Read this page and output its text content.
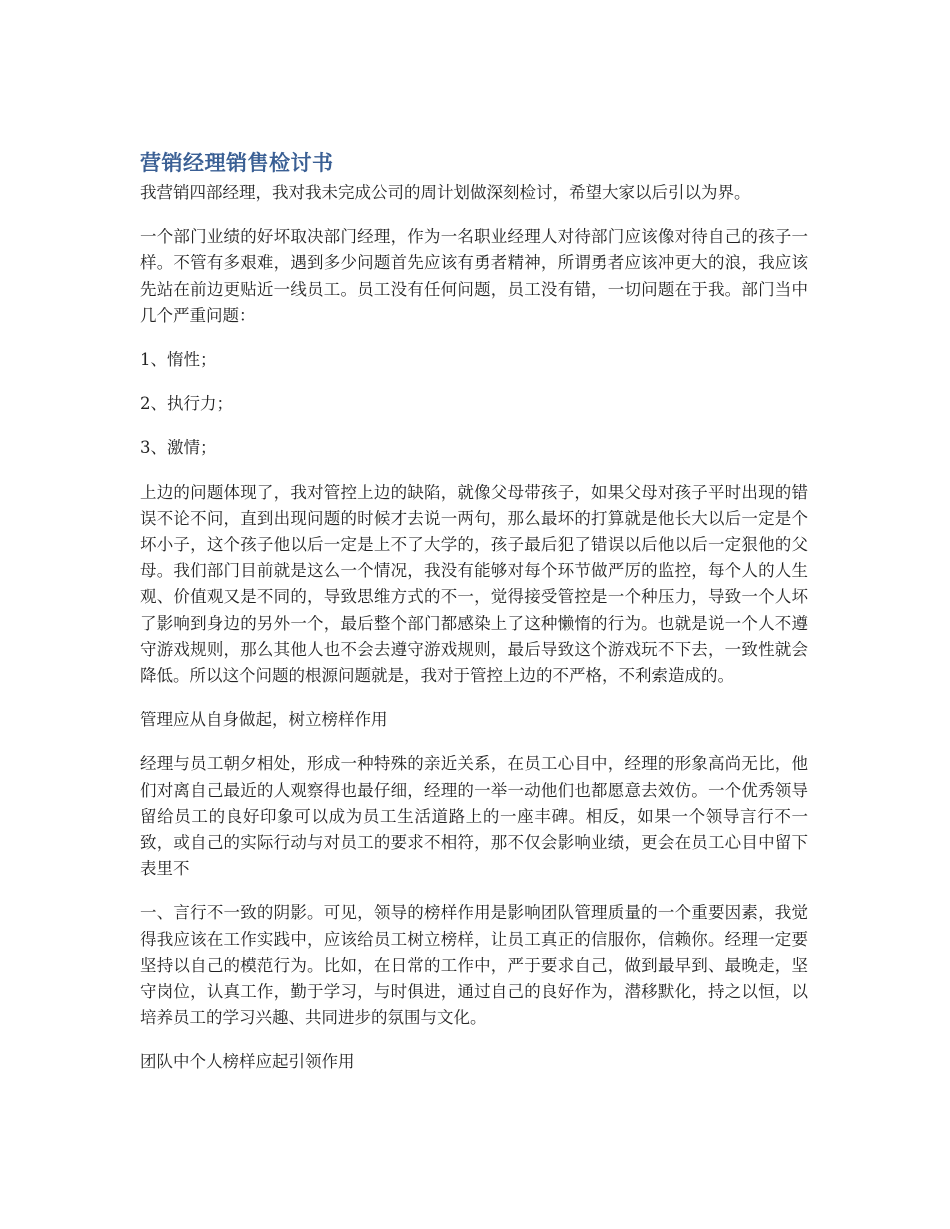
营销经理销售检讨书

我营销四部经理，我对我未完成公司的周计划做深刻检讨，希望大家以后引以为界。

一个部门业绩的好坏取决部门经理，作为一名职业经理人对待部门应该像对待自己的孩子一样。不管有多艰难，遇到多少问题首先应该有勇者精神，所谓勇者应该冲更大的浪，我应该先站在前边更贴近一线员工。员工没有任何问题，员工没有错，一切问题在于我。部门当中几个严重问题：

1、惰性；

2、执行力；

3、激情；

上边的问题体现了，我对管控上边的缺陷，就像父母带孩子，如果父母对孩子平时出现的错误不论不问，直到出现问题的时候才去说一两句，那么最坏的打算就是他长大以后一定是个坏小子，这个孩子他以后一定是上不了大学的，孩子最后犯了错误以后他以后一定狠他的父母。我们部门目前就是这么一个情况，我没有能够对每个环节做严厉的监控，每个人的人生观、价值观又是不同的，导致思维方式的不一，觉得接受管控是一个种压力，导致一个人坏了影响到身边的另外一个，最后整个部门都感染上了这种懒惰的行为。也就是说一个人不遵守游戏规则，那么其他人也不会去遵守游戏规则，最后导致这个游戏玩不下去，一致性就会降低。所以这个问题的根源问题就是，我对于管控上边的不严格，不利索造成的。

管理应从自身做起，树立榜样作用

经理与员工朝夕相处，形成一种特殊的亲近关系，在员工心目中，经理的形象高尚无比，他们对离自己最近的人观察得也最仔细，经理的一举一动他们也都愿意去效仿。一个优秀领导留给员工的良好印象可以成为员工生活道路上的一座丰碑。相反，如果一个领导言行不一致，或自己的实际行动与对员工的要求不相符，那不仅会影响业绩，更会在员工心目中留下表里不

一、言行不一致的阴影。可见，领导的榜样作用是影响团队管理质量的一个重要因素，我觉得我应该在工作实践中，应该给员工树立榜样，让员工真正的信服你，信赖你。经理一定要坚持以自己的模范行为。比如，在日常的工作中，严于要求自己，做到最早到、最晚走，坚守岗位，认真工作，勤于学习，与时俱进，通过自己的良好作为，潜移默化，持之以恒，以培养员工的学习兴趣、共同进步的氛围与文化。

团队中个人榜样应起引领作用
